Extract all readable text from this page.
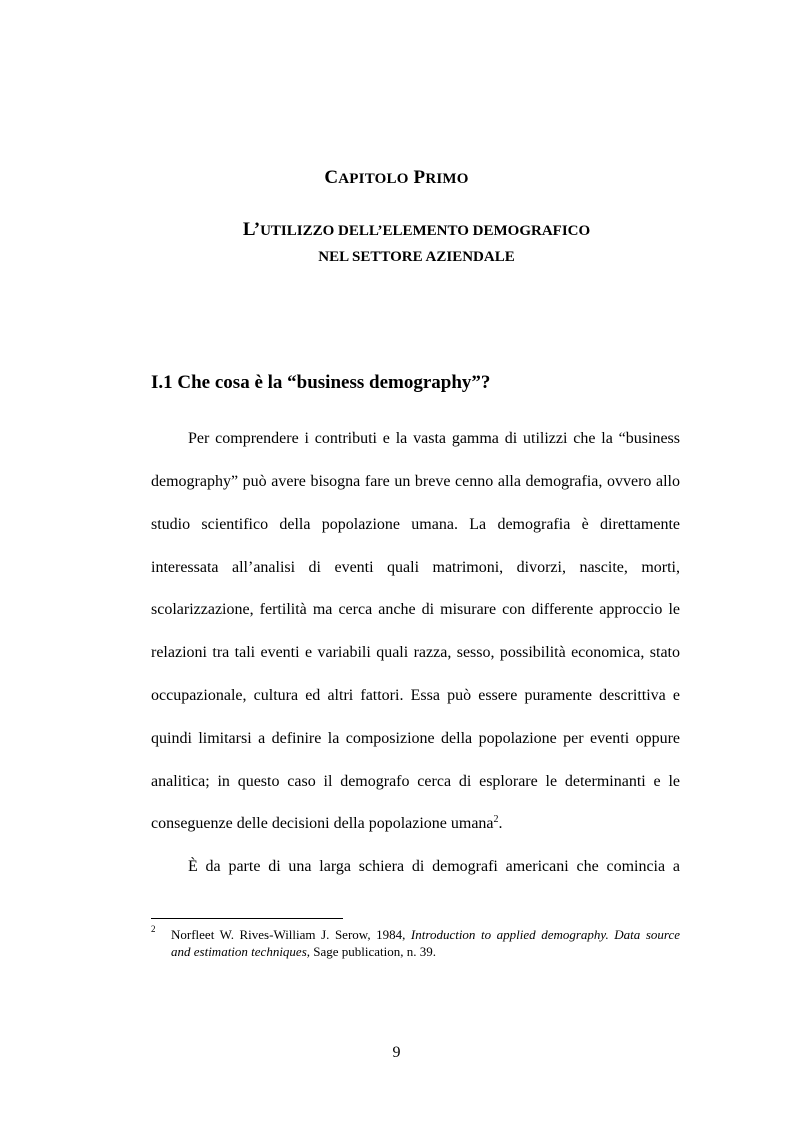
CAPITOLO PRIMO
L’UTILIZZO DELL’ELEMENTO DEMOGRAFICO
NEL SETTORE AZIENDALE
I.1 Che cosa è la “business demography”?
Per comprendere i contributi e la vasta gamma di utilizzi che la “business
demography” può avere bisogna fare un breve cenno alla demografia, ovvero allo
studio scientifico della popolazione umana. La demografia è direttamente
interessata all’analisi di eventi quali matrimoni, divorzi, nascite, morti,
scolarizzazione, fertilità ma cerca anche di misurare con differente approccio le
relazioni tra tali eventi e variabili quali razza, sesso, possibilità economica, stato
occupazionale, cultura ed altri fattori. Essa può essere puramente descrittiva e
quindi limitarsi a definire la composizione della popolazione per eventi oppure
analitica; in questo caso il demografo cerca di esplorare le determinanti e le
conseguenze delle decisioni della popolazione umana$^2$.
È da parte di una larga schiera di demografi americani che comincia a
2 Norfleet W. Rives-William J. Serow, 1984, Introduction to applied demography. Data source
and estimation techniques, Sage publication, n. 39.
9
